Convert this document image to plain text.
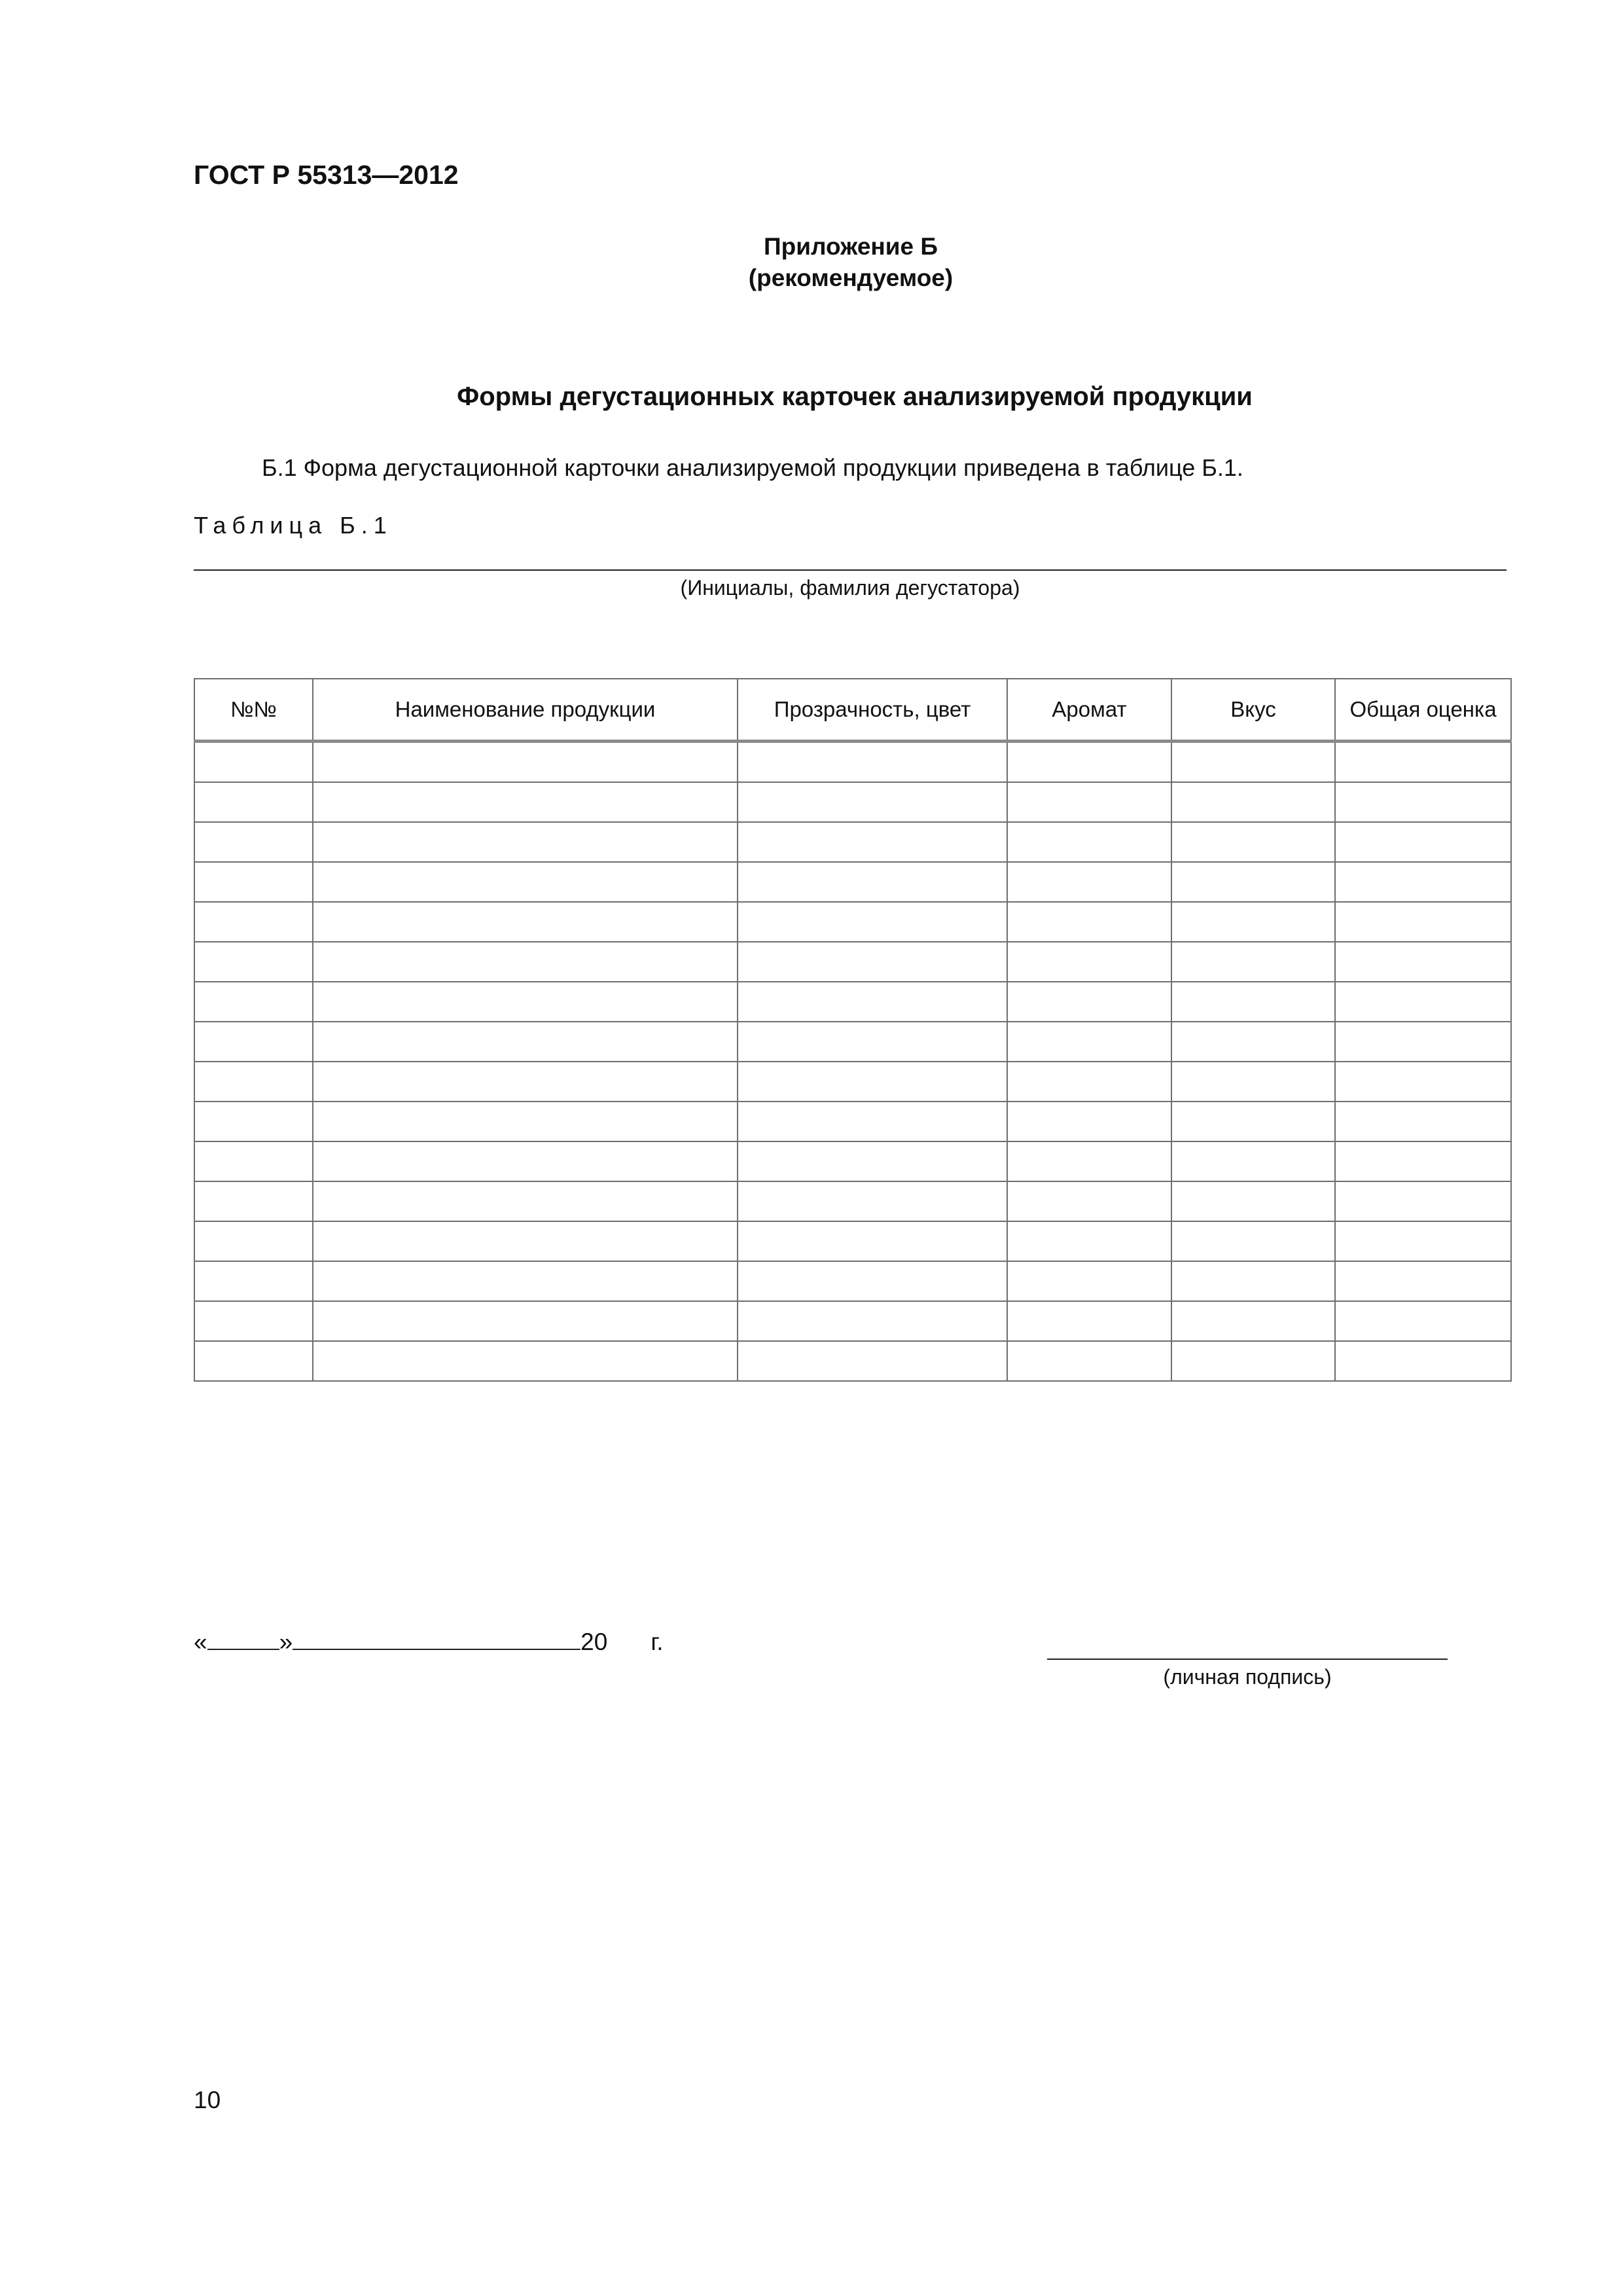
ГОСТ Р 55313—2012
Приложение Б
(рекомендуемое)
Формы дегустационных карточек анализируемой продукции
Б.1 Форма дегустационной карточки анализируемой продукции приведена в таблице Б.1.
Таблица Б.1
(Инициалы, фамилия дегустатора)
№№	Наименование продукции	Прозрачность, цвет	Аромат	Вкус	Общая оценка

«	»	20 г.
(личная подпись)
10
